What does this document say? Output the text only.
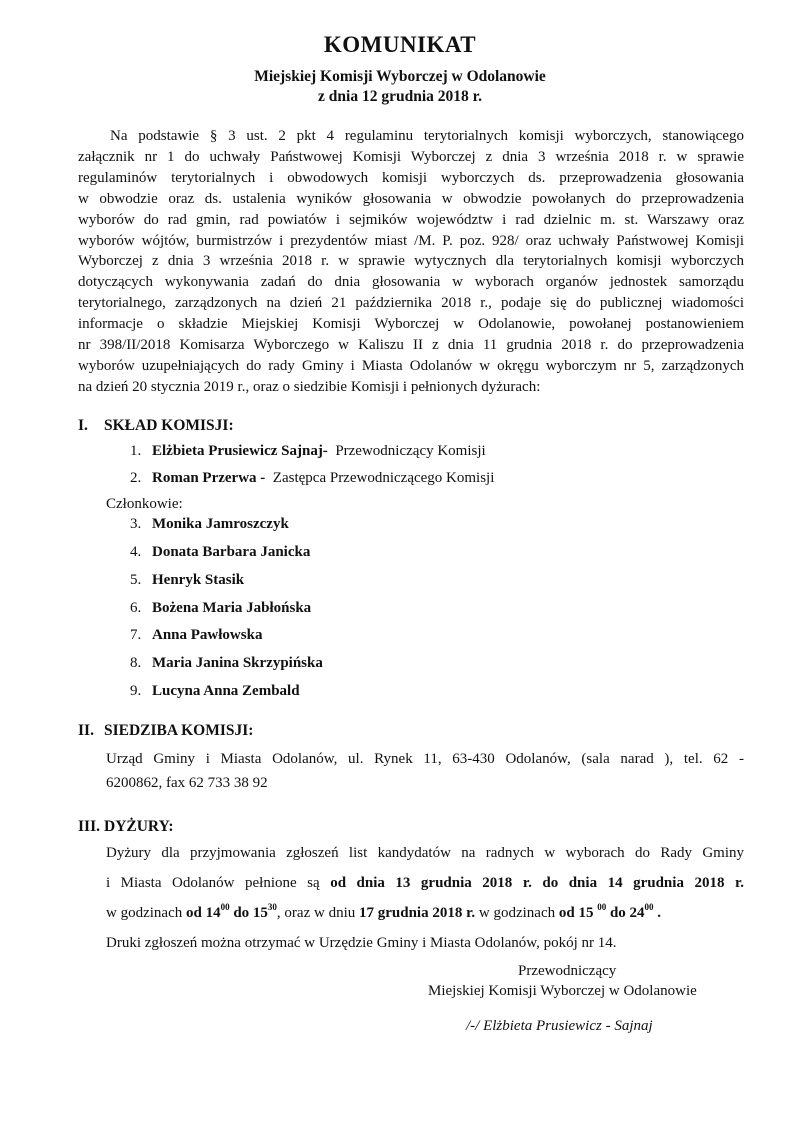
KOMUNIKAT
Miejskiej Komisji Wyborczej w Odolanowie
z dnia 12 grudnia 2018 r.
Na podstawie § 3 ust. 2 pkt 4 regulaminu terytorialnych komisji wyborczych, stanowiącego
załącznik nr 1 do uchwały Państwowej Komisji Wyborczej z dnia 3 września 2018 r. w sprawie
regulaminów terytorialnych i obwodowych komisji wyborczych ds. przeprowadzenia głosowania
w obwodzie oraz ds. ustalenia wyników głosowania w obwodzie powołanych do przeprowadzenia
wyborów do rad gmin, rad powiatów i sejmików województw i rad dzielnic m. st. Warszawy oraz
wyborów wójtów, burmistrzów i prezydentów miast /M. P. poz. 928/ oraz uchwały Państwowej Komisji
Wyborczej z dnia 3 września 2018 r. w sprawie wytycznych dla terytorialnych komisji wyborczych
dotyczących wykonywania zadań do dnia głosowania w wyborach organów jednostek samorządu
terytorialnego, zarządzonych na dzień 21 października 2018 r., podaje się do publicznej wiadomości
informacje o składzie Miejskiej Komisji Wyborczej w Odolanowie, powołanej postanowieniem
nr 398/II/2018 Komisarza Wyborczego w Kaliszu II z dnia 11 grudnia 2018 r. do przeprowadzenia
wyborów uzupełniających do rady Gminy i Miasta Odolanów w okręgu wyborczym nr 5, zarządzonych
na dzień 20 stycznia 2019 r., oraz o siedzibie Komisji i pełnionych dyżurach:
I. SKŁAD KOMISJI:
1. Elżbieta Prusiewicz Sajnaj-  Przewodniczący Komisji
2. Roman Przerwa -  Zastępca Przewodniczącego Komisji
Członkowie:
3. Monika Jamroszczyk
4. Donata Barbara Janicka
5. Henryk Stasik
6. Bożena Maria Jabłońska
7. Anna Pawłowska
8. Maria Janina Skrzypińska
9. Lucyna Anna Zembald
II. SIEDZIBA KOMISJI:
Urząd Gminy i Miasta Odolanów, ul. Rynek 11, 63-430 Odolanów, (sala narad ), tel. 62 -
6200862, fax 62 733 38 92
III. DYŻURY:
Dyżury dla przyjmowania zgłoszeń list kandydatów na radnych w wyborach do Rady Gminy
i Miasta Odolanów pełnione są od dnia 13 grudnia 2018 r. do dnia 14 grudnia 2018 r.
w godzinach od $14^{00}$ do $15^{30}$, oraz w dniu 17 grudnia 2018 r. w godzinach od 15 $^{00}$ do $24^{00}$ .
Druki zgłoszeń można otrzymać w Urzędzie Gminy i Miasta Odolanów, pokój nr 14.
Przewodniczący
Miejskiej Komisji Wyborczej w Odolanowie
/-/ Elżbieta Prusiewicz - Sajnaj
